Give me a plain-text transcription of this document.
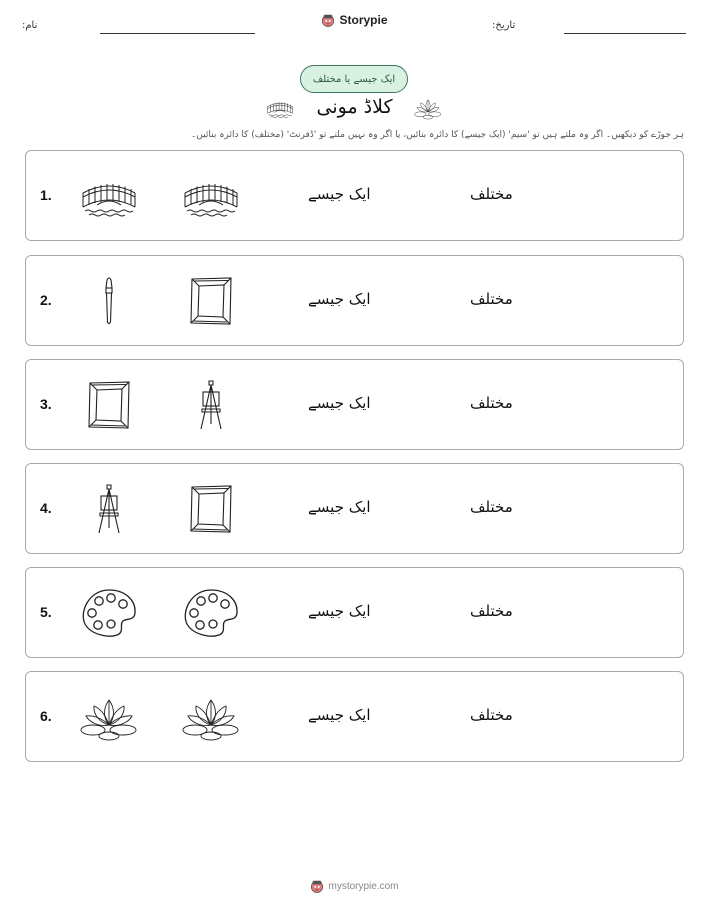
نام:	Storypie	تاریخ:
ایک جیسے یا مختلف
کلاڈ مونی
ہر جوڑے کو دیکھیں۔ اگر وہ ملتے ہیں تو 'سیم' (ایک جیسے) کا دائرہ بنائیں، یا اگر وہ نہیں ملتے تو 'ڈفرنٹ' (مختلف) کا دائرہ بنائیں۔
1.	ایک جیسے	مختلف
2.	ایک جیسے	مختلف
3.	ایک جیسے	مختلف
4.	ایک جیسے	مختلف
5.	ایک جیسے	مختلف
6.	ایک جیسے	مختلف
mystorypie.com
